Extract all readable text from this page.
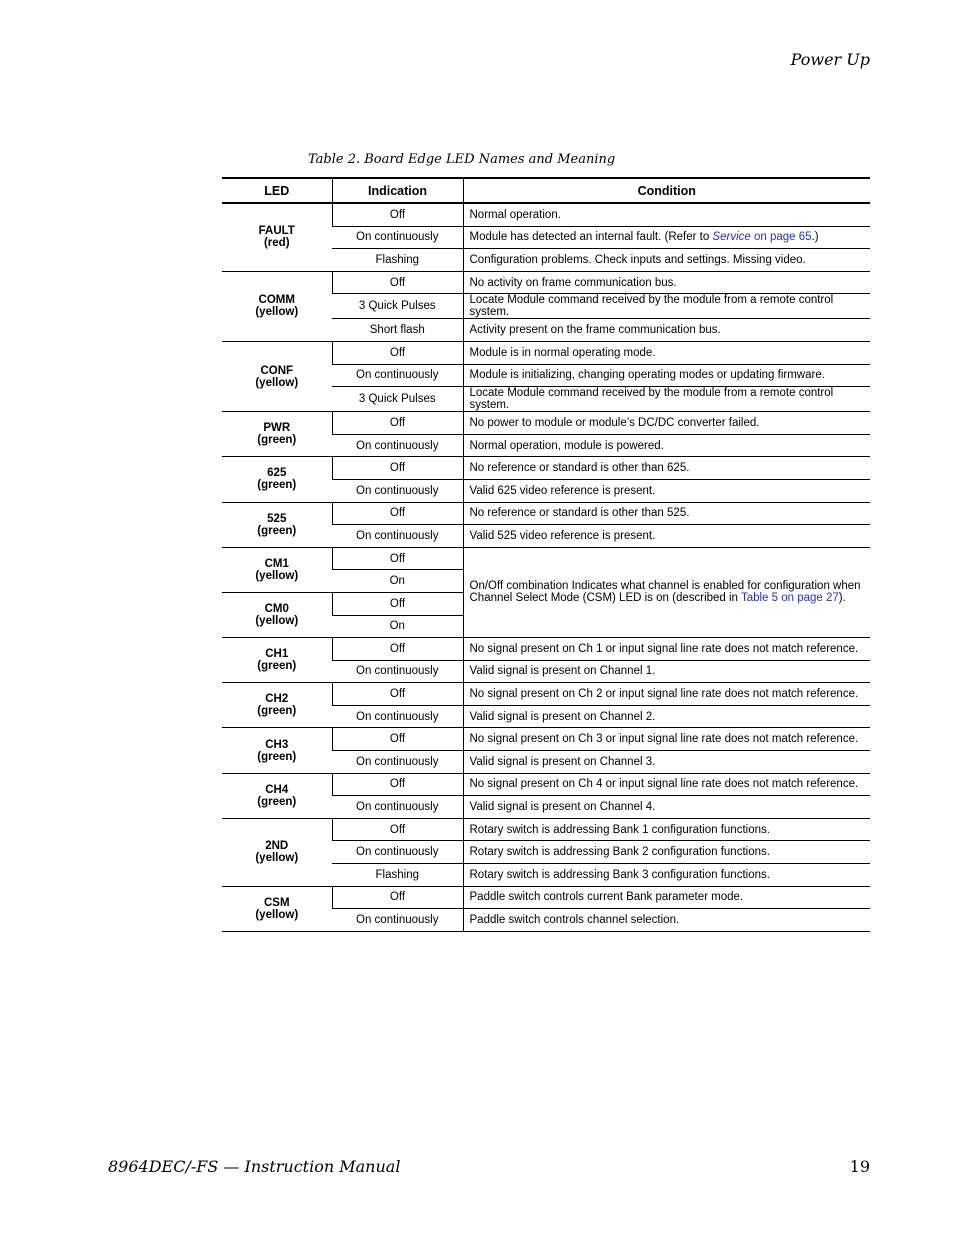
Power Up
Table 2. Board Edge LED Names and Meaning
LED	Indication	Condition

FAULT
(red)	Off	Normal operation.
	On continuously	Module has detected an internal fault. (Refer to Service on page 65.)
	Flashing	Configuration problems. Check inputs and settings. Missing video.

COMM
(yellow)	Off	No activity on frame communication bus.
	3 Quick Pulses	Locate Module command received by the module from a remote control system.
	Short flash	Activity present on the frame communication bus.

CONF
(yellow)	Off	Module is in normal operating mode.
	On continuously	Module is initializing, changing operating modes or updating firmware.
	3 Quick Pulses	Locate Module command received by the module from a remote control system.

PWR
(green)	Off	No power to module or module’s DC/DC converter failed.
	On continuously	Normal operation, module is powered.

625
(green)	Off	No reference or standard is other than 625.
	On continuously	Valid 625 video reference is present.

525
(green)	Off	No reference or standard is other than 525.
	On continuously	Valid 525 video reference is present.

CM1
(yellow)	Off	On/Off combination Indicates what channel is enabled for configuration when Channel Select Mode (CSM) LED is on (described in Table 5 on page 27).
	On	

CM0
(yellow)	Off	
	On	

CH1
(green)	Off	No signal present on Ch 1 or input signal line rate does not match reference.
	On continuously	Valid signal is present on Channel 1.

CH2
(green)	Off	No signal present on Ch 2 or input signal line rate does not match reference.
	On continuously	Valid signal is present on Channel 2.

CH3
(green)	Off	No signal present on Ch 3 or input signal line rate does not match reference.
	On continuously	Valid signal is present on Channel 3.

CH4
(green)	Off	No signal present on Ch 4 or input signal line rate does not match reference.
	On continuously	Valid signal is present on Channel 4.

2ND
(yellow)	Off	Rotary switch is addressing Bank 1 configuration functions.
	On continuously	Rotary switch is addressing Bank 2 configuration functions.
	Flashing	Rotary switch is addressing Bank 3 configuration functions.

CSM
(yellow)	Off	Paddle switch controls current Bank parameter mode.
	On continuously	Paddle switch controls channel selection.
8964DEC/-FS — Instruction Manual	19
